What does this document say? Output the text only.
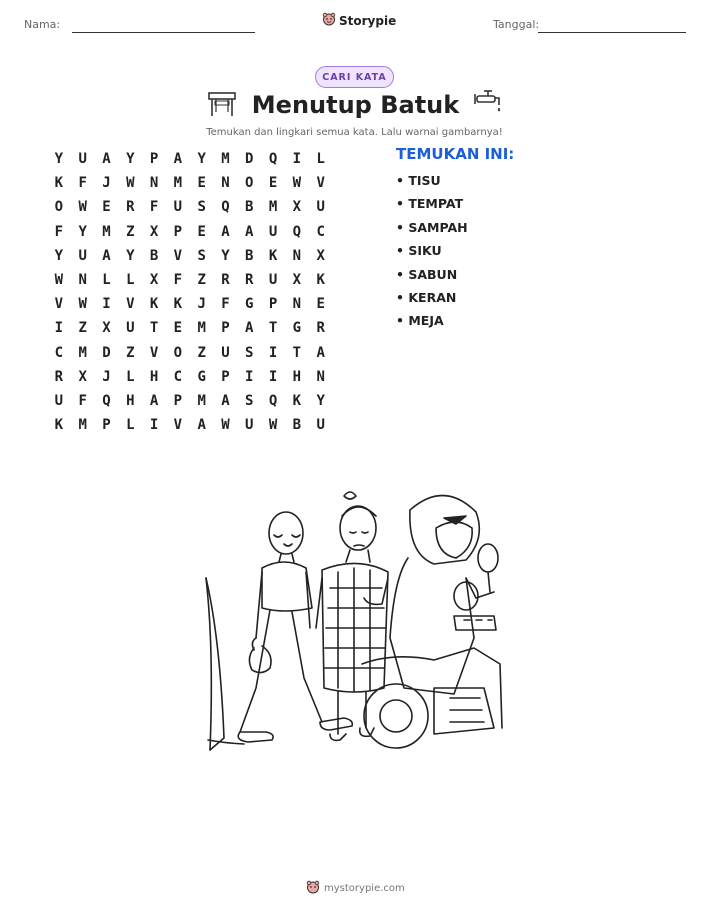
Nama:	Storypie	Tanggal:
CARI KATA
Menutup Batuk
Temukan dan lingkari semua kata. Lalu warnai gambarnya!
Y	U	A	Y	P	A	Y	M	D	Q	I	L
K	F	J	W	N	M	E	N	O	E	W	V
O	W	E	R	F	U	S	Q	B	M	X	U
F	Y	M	Z	X	P	E	A	A	U	Q	C
Y	U	A	Y	B	V	S	Y	B	K	N	X
W	N	L	L	X	F	Z	R	R	U	X	K
V	W	I	V	K	K	J	F	G	P	N	E
I	Z	X	U	T	E	M	P	A	T	G	R
C	M	D	Z	V	O	Z	U	S	I	T	A
R	X	J	L	H	C	G	P	I	I	H	N
U	F	Q	H	A	P	M	A	S	Q	K	Y
K	M	P	L	I	V	A	W	U	W	B	U
TEMUKAN INI:
• TISU
• TEMPAT
• SAMPAH
• SIKU
• SABUN
• KERAN
• MEJA
mystorypie.com
